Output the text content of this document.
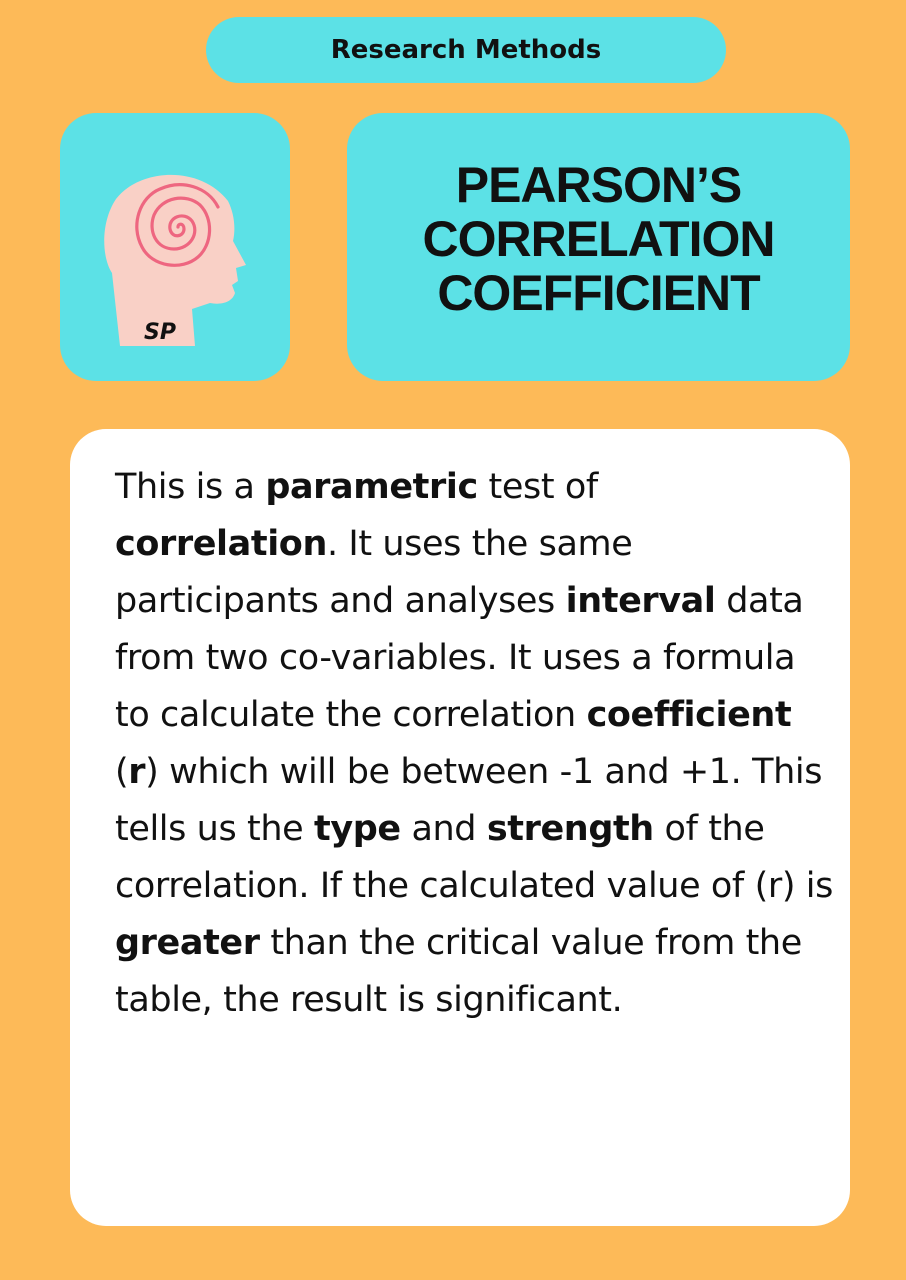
Research Methods
SP
PEARSON’S
CORRELATION
COEFFICIENT
This is a parametric test of
correlation. It uses the same participants and analyses interval data from two co-variables. It uses a formula to calculate the correlation coefficient (r) which will be between -1 and +1. This tells us the type and strength of the correlation. If the calculated value of (r) is greater than the critical value from the table, the result is significant.
